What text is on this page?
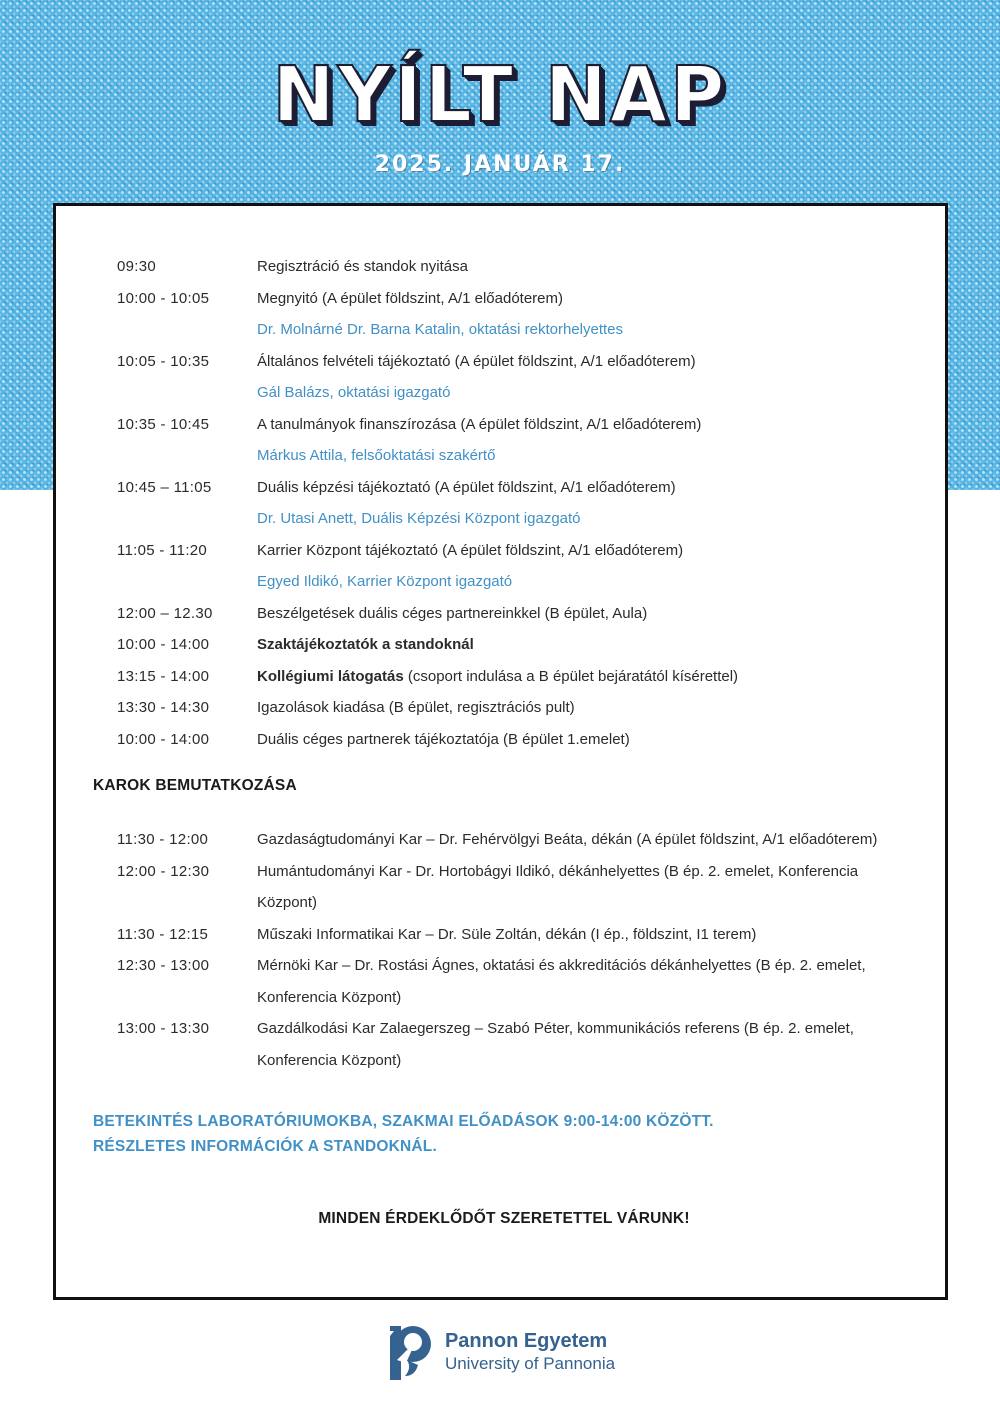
NYÍLT NAP
2025. JANUÁR 17.
09:30	Regisztráció és standok nyitása
10:00 - 10:05	Megnyitó (A épület földszint, A/1 előadóterem)
Dr. Molnárné Dr. Barna Katalin, oktatási rektorhelyettes
10:05 - 10:35	Általános felvételi tájékoztató (A épület földszint, A/1 előadóterem)
Gál Balázs, oktatási igazgató
10:35 - 10:45	A tanulmányok finanszírozása (A épület földszint, A/1 előadóterem)
Márkus Attila, felsőoktatási szakértő
10:45 – 11:05	Duális képzési tájékoztató (A épület földszint, A/1 előadóterem)
Dr. Utasi Anett, Duális Képzési Központ igazgató
11:05 - 11:20	Karrier Központ tájékoztató (A épület földszint, A/1 előadóterem)
Egyed Ildikó, Karrier Központ igazgató
12:00 – 12.30	Beszélgetések duális céges partnereinkkel (B épület, Aula)
10:00 - 14:00	Szaktájékoztatók a standoknál
13:15 - 14:00	Kollégiumi látogatás (csoport indulása a B épület bejáratától kísérettel)
13:30 - 14:30	Igazolások kiadása (B épület, regisztrációs pult)
10:00 - 14:00	Duális céges partnerek tájékoztatója (B épület 1.emelet)
KAROK BEMUTATKOZÁSA
11:30 - 12:00	Gazdaságtudományi Kar – Dr. Fehérvölgyi Beáta, dékán (A épület földszint, A/1 előadóterem)
12:00 - 12:30	Humántudományi Kar - Dr. Hortobágyi Ildikó, dékánhelyettes (B ép. 2. emelet, Konferencia Központ)
11:30 - 12:15	Műszaki Informatikai Kar – Dr. Süle Zoltán, dékán (I ép., földszint, I1 terem)
12:30 - 13:00	Mérnöki Kar – Dr. Rostási Ágnes, oktatási és akkreditációs dékánhelyettes (B ép. 2. emelet, Konferencia Központ)
13:00 - 13:30	Gazdálkodási Kar Zalaegerszeg – Szabó Péter, kommunikációs referens (B ép. 2. emelet, Konferencia Központ)
BETEKINTÉS LABORATÓRIUMOKBA, SZAKMAI ELŐADÁSOK 9:00-14:00 KÖZÖTT.
RÉSZLETES INFORMÁCIÓK A STANDOKNÁL.
MINDEN ÉRDEKLŐDŐT SZERETETTEL VÁRUNK!
Pannon Egyetem
University of Pannonia
